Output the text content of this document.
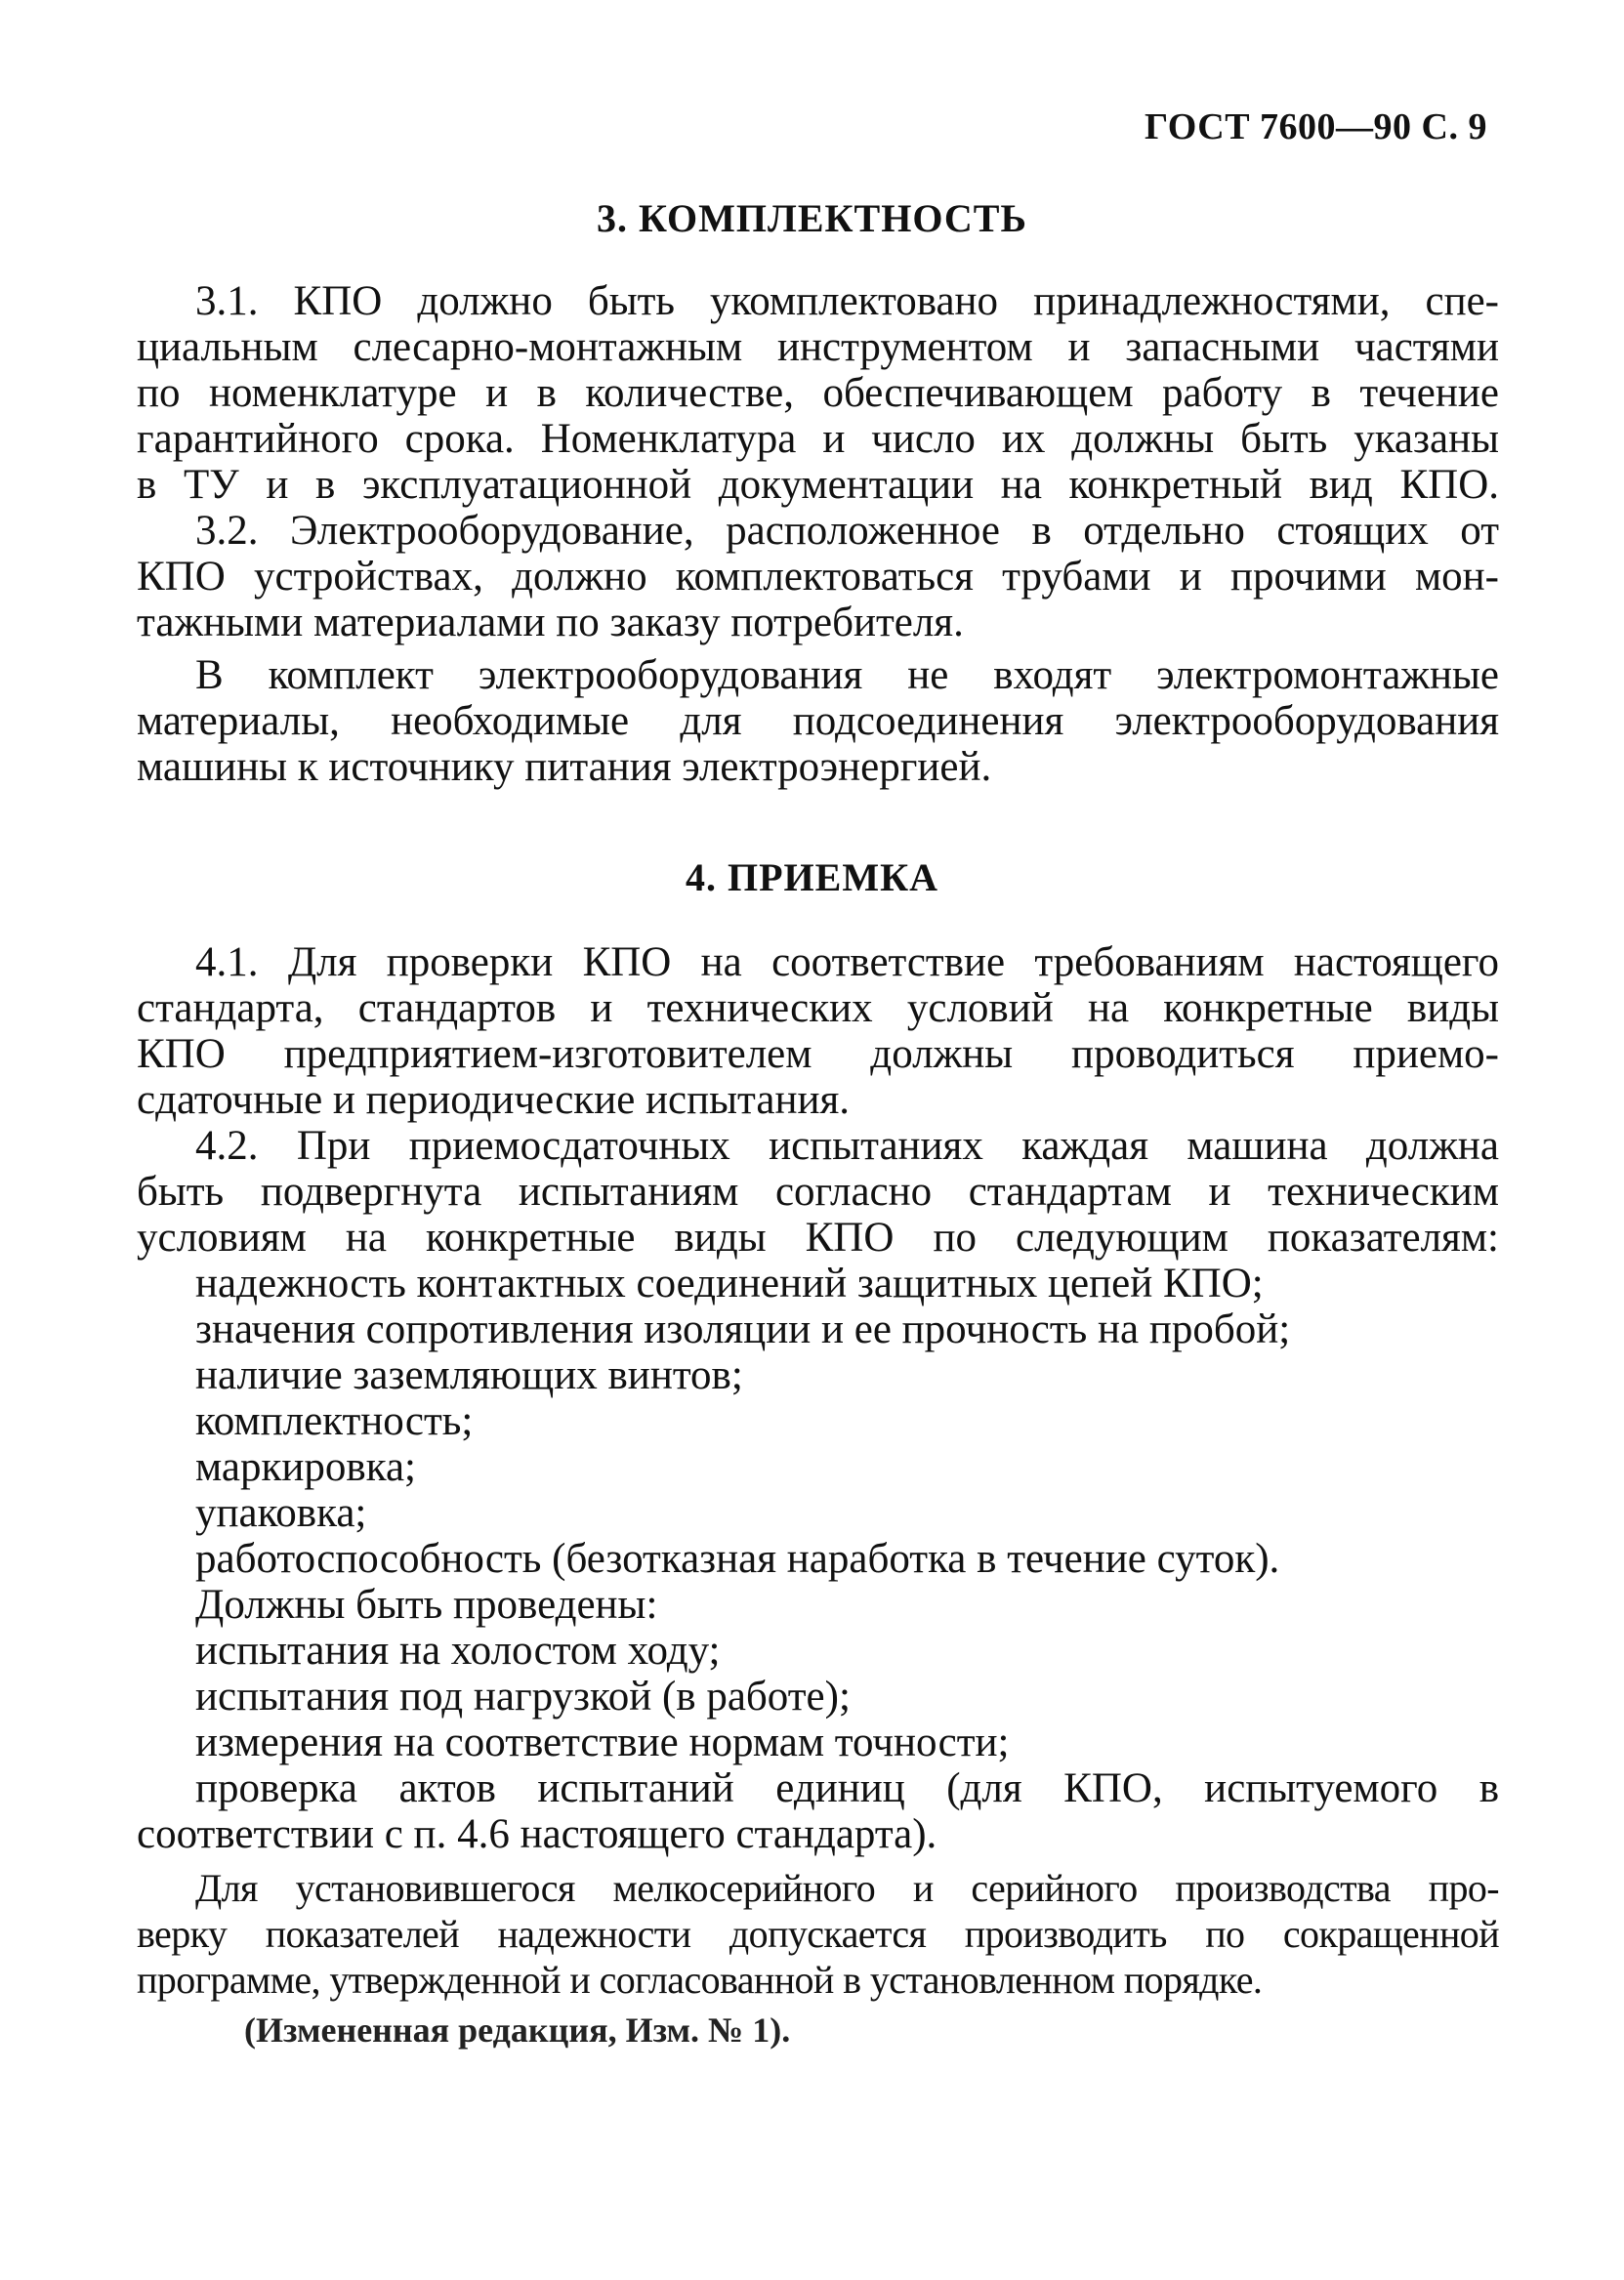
ГОСТ 7600—90 С. 9
3. КОМПЛЕКТНОСТЬ
3.1. КПО должно быть укомплектовано принадлежностями, спе-
циальным слесарно-монтажным инструментом и запасными частями
по номенклатуре и в количестве, обеспечивающем работу в течение
гарантийного срока. Номенклатура и число их должны быть указаны
в ТУ и в эксплуатационной документации на конкретный вид КПО.
3.2. Электрооборудование, расположенное в отдельно стоящих от
КПО устройствах, должно комплектоваться трубами и прочими мон-
тажными материалами по заказу потребителя.
В комплект электрооборудования не входят электромонтажные
материалы, необходимые для подсоединения электрооборудования
машины к источнику питания электроэнергией.
4. ПРИЕМКА
4.1. Для проверки КПО на соответствие требованиям настоящего
стандарта, стандартов и технических условий на конкретные виды
КПО предприятием-изготовителем должны проводиться приемо-
сдаточные и периодические испытания.
4.2. При приемосдаточных испытаниях каждая машина должна
быть подвергнута испытаниям согласно стандартам и техническим
условиям на конкретные виды КПО по следующим показателям:
надежность контактных соединений защитных цепей КПО;
значения сопротивления изоляции и ее прочность на пробой;
наличие заземляющих винтов;
комплектность;
маркировка;
упаковка;
работоспособность (безотказная наработка в течение суток).
Должны быть проведены:
испытания на холостом ходу;
испытания под нагрузкой (в работе);
измерения на соответствие нормам точности;
проверка актов испытаний единиц (для КПО, испытуемого в
соответствии с п. 4.6 настоящего стандарта).
Для установившегося мелкосерийного и серийного производства про-
верку показателей надежности допускается производить по сокращенной
программе, утвержденной и согласованной в установленном порядке.
(Измененная редакция, Изм. № 1).
